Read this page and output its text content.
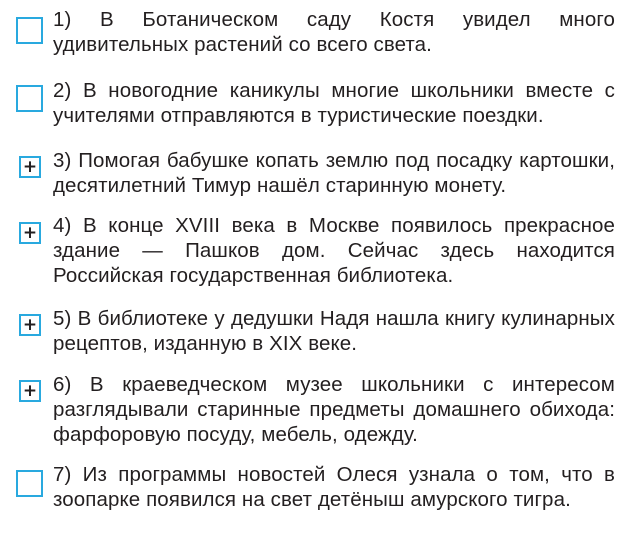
1) В Ботаническом саду Костя увидел много удивительных растений со всего света.

2) В новогодние каникулы многие школьники вместе с учителями отправляются в туристические поездки.

+ 3) Помогая бабушке копать землю под посадку картошки, десятилетний Тимур нашёл старинную монету.

+ 4) В конце XVIII века в Москве появилось прекрасное здание — Пашков дом. Сейчас здесь находится Российская государственная библиотека.

+ 5) В библиотеке у дедушки Надя нашла книгу кулинарных рецептов, изданную в XIX веке.

+ 6) В краеведческом музее школьники с интересом разглядывали старинные предметы домашнего обихода: фарфоровую посуду, мебель, одежду.

7) Из программы новостей Олеся узнала о том, что в зоопарке появился на свет детёныш амурского тигра.
